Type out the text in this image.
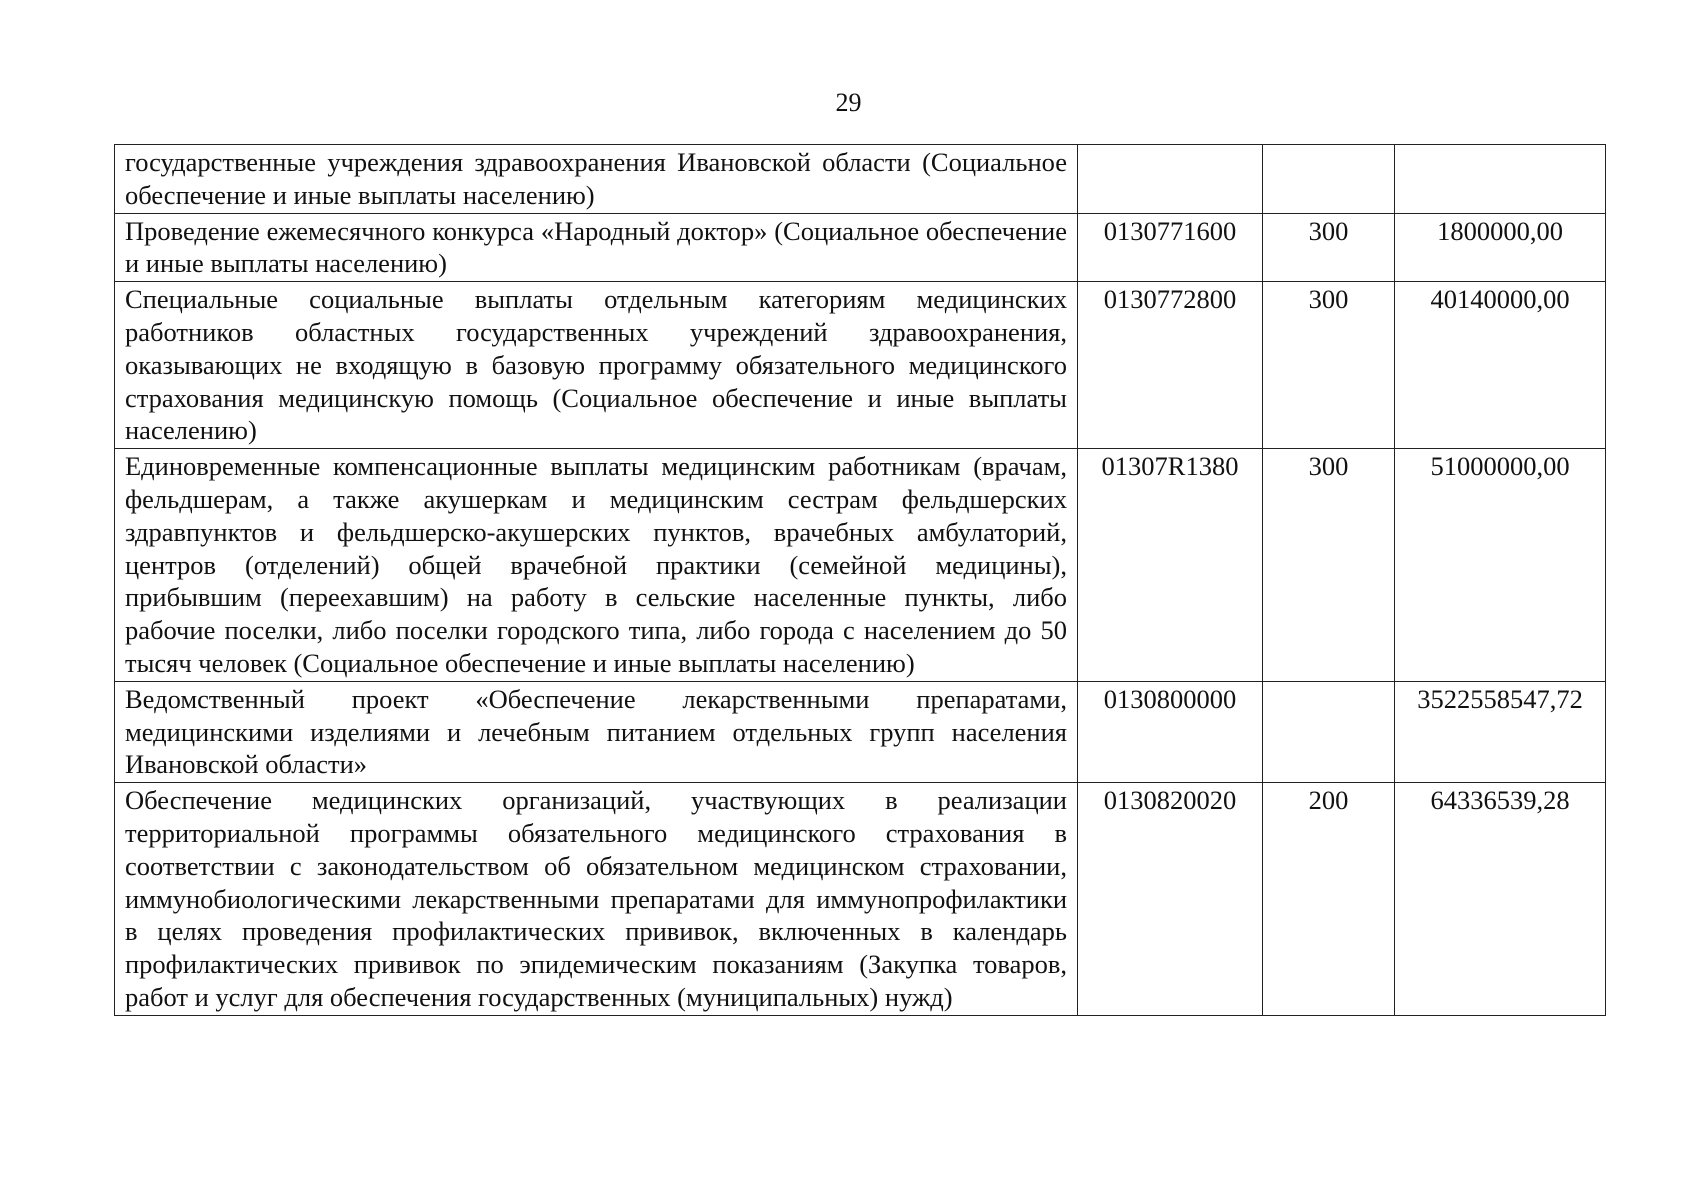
29
государственные учреждения здравоохранения Ивановской области (Социальное обеспечение и иные выплаты населению)			
Проведение ежемесячного конкурса «Народный доктор» (Социальное обеспечение и иные выплаты населению)	0130771600	300	1800000,00
Специальные социальные выплаты отдельным категориям медицинских работников областных государственных учреждений здравоохранения, оказывающих не входящую в базовую программу обязательного медицинского страхования медицинскую помощь (Социальное обеспечение и иные выплаты населению)	0130772800	300	40140000,00
Единовременные компенсационные выплаты медицинским работникам (врачам, фельдшерам, а также акушеркам и медицинским сестрам фельдшерских здравпунктов и фельдшерско-акушерских пунктов, врачебных амбулаторий, центров (отделений) общей врачебной практики (семейной медицины), прибывшим (переехавшим) на работу в сельские населенные пункты, либо рабочие поселки, либо поселки городского типа, либо города с населением до 50 тысяч человек (Социальное обеспечение и иные выплаты населению)	01307R1380	300	51000000,00
Ведомственный проект «Обеспечение лекарственными препаратами, медицинскими изделиями и лечебным питанием отдельных групп населения Ивановской области»	0130800000		3522558547,72
Обеспечение медицинских организаций, участвующих в реализации территориальной программы обязательного медицинского страхования в соответствии с законодательством об обязательном медицинском страховании, иммунобиологическими лекарственными препаратами для иммунопрофилактики в целях проведения профилактических прививок, включенных в календарь профилактических прививок по эпидемическим показаниям (Закупка товаров, работ и услуг для обеспечения государственных (муниципальных) нужд)	0130820020	200	64336539,28
